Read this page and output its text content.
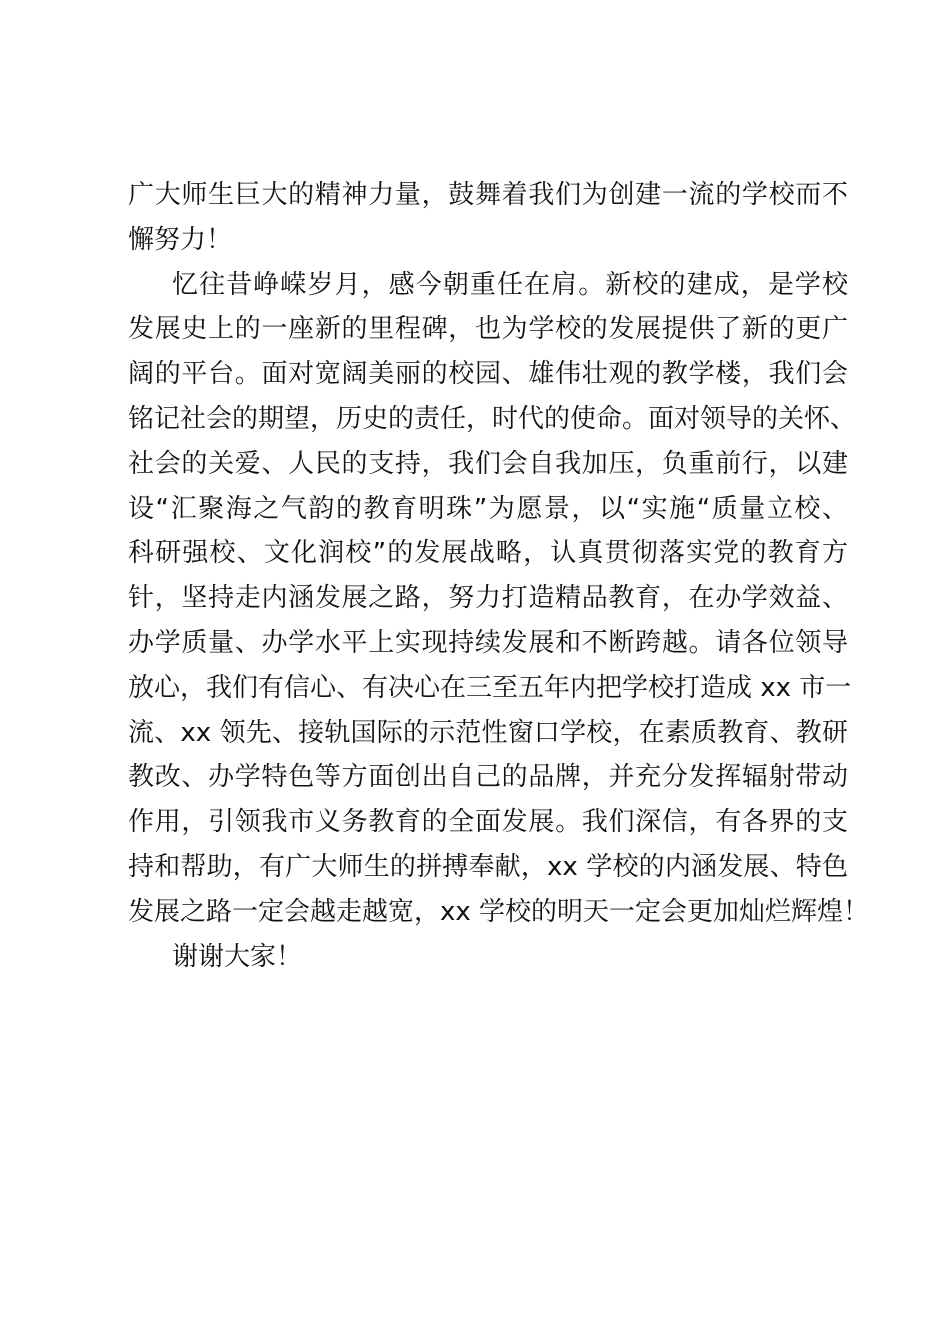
广大师生巨大的精神力量，鼓舞着我们为创建一流的学校而不
懈努力！
忆往昔峥嵘岁月，感今朝重任在肩。新校的建成，是学校
发展史上的一座新的里程碑，也为学校的发展提供了新的更广
阔的平台。面对宽阔美丽的校园、雄伟壮观的教学楼，我们会
铭记社会的期望，历史的责任，时代的使命。面对领导的关怀、
社会的关爱、人民的支持，我们会自我加压，负重前行，以建
设“汇聚海之气韵的教育明珠”为愿景，以“实施“质量立校、
科研强校、文化润校”的发展战略，认真贯彻落实党的教育方
针，坚持走内涵发展之路，努力打造精品教育，在办学效益、
办学质量、办学水平上实现持续发展和不断跨越。请各位领导
放心，我们有信心、有决心在三至五年内把学校打造成 xx 市一
流、xx 领先、接轨国际的示范性窗口学校，在素质教育、教研
教改、办学特色等方面创出自己的品牌，并充分发挥辐射带动
作用，引领我市义务教育的全面发展。我们深信，有各界的支
持和帮助，有广大师生的拼搏奉献，xx 学校的内涵发展、特色
发展之路一定会越走越宽，xx 学校的明天一定会更加灿烂辉煌！
谢谢大家！
